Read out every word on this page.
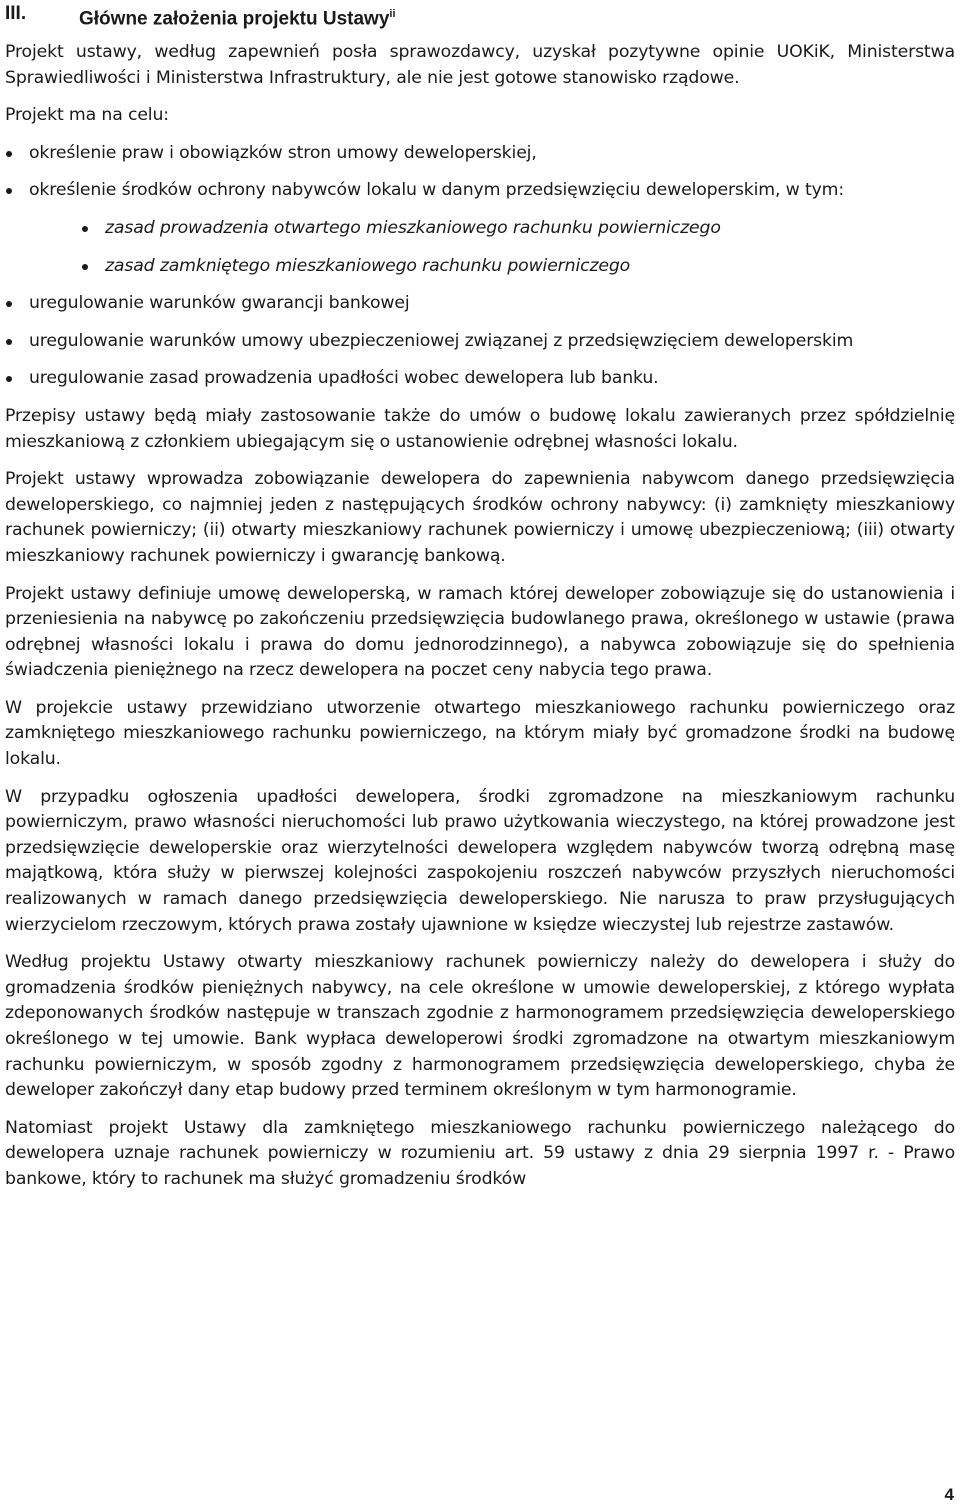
III.	Główne założenia projektu Ustawy$^{ii}$

Projekt ustawy, według zapewnień posła sprawozdawcy, uzyskał pozytywne opinie UOKiK, Ministerstwa Sprawiedliwości i Ministerstwa Infrastruktury, ale nie jest gotowe stanowisko rządowe.

Projekt ma na celu:

określenie praw i obowiązków stron umowy deweloperskiej,
określenie środków ochrony nabywców lokalu w danym przedsięwzięciu deweloperskim, w tym:
zasad prowadzenia otwartego mieszkaniowego rachunku powierniczego
zasad zamkniętego mieszkaniowego rachunku powierniczego
uregulowanie warunków gwarancji bankowej
uregulowanie warunków umowy ubezpieczeniowej związanej z przedsięwzięciem deweloperskim
uregulowanie zasad prowadzenia upadłości wobec dewelopera lub banku.

Przepisy ustawy będą miały zastosowanie także do umów o budowę lokalu zawieranych przez spółdzielnię mieszkaniową z członkiem ubiegającym się o ustanowienie odrębnej własności lokalu.

Projekt ustawy wprowadza zobowiązanie dewelopera do zapewnienia nabywcom danego przedsięwzięcia deweloperskiego, co najmniej jeden z następujących środków ochrony nabywcy: (i) zamknięty mieszkaniowy rachunek powierniczy; (ii) otwarty mieszkaniowy rachunek powierniczy i umowę ubezpieczeniową; (iii) otwarty mieszkaniowy rachunek powierniczy i gwarancję bankową.

Projekt ustawy definiuje umowę deweloperską, w ramach której deweloper zobowiązuje się do ustanowienia i przeniesienia na nabywcę po zakończeniu przedsięwzięcia budowlanego prawa, określonego w ustawie (prawa odrębnej własności lokalu i prawa do domu jednorodzinnego), a nabywca zobowiązuje się do spełnienia świadczenia pieniężnego na rzecz dewelopera na poczet ceny nabycia tego prawa.

W projekcie ustawy przewidziano utworzenie otwartego mieszkaniowego rachunku powierniczego oraz zamkniętego mieszkaniowego rachunku powierniczego, na którym miały być gromadzone środki na budowę lokalu.

W przypadku ogłoszenia upadłości dewelopera, środki zgromadzone na mieszkaniowym rachunku powierniczym, prawo własności nieruchomości lub prawo użytkowania wieczystego, na której prowadzone jest przedsięwzięcie deweloperskie oraz wierzytelności dewelopera względem nabywców tworzą odrębną masę majątkową, która służy w pierwszej kolejności zaspokojeniu roszczeń nabywców przyszłych nieruchomości realizowanych w ramach danego przedsięwzięcia deweloperskiego. Nie narusza to praw przysługujących wierzycielom rzeczowym, których prawa zostały ujawnione w księdze wieczystej lub rejestrze zastawów.

Według projektu Ustawy otwarty mieszkaniowy rachunek powierniczy należy do dewelopera i służy do gromadzenia środków pieniężnych nabywcy, na cele określone w umowie deweloperskiej, z którego wypłata zdeponowanych środków następuje w transzach zgodnie z harmonogramem przedsięwzięcia deweloperskiego określonego w tej umowie. Bank wypłaca deweloperowi środki zgromadzone na otwartym mieszkaniowym rachunku powierniczym, w sposób zgodny z harmonogramem przedsięwzięcia deweloperskiego, chyba że deweloper zakończył dany etap budowy przed terminem określonym w tym harmonogramie.

Natomiast projekt Ustawy dla zamkniętego mieszkaniowego rachunku powierniczego należącego do dewelopera uznaje rachunek powierniczy w rozumieniu art. 59 ustawy z dnia 29 sierpnia 1997 r. - Prawo bankowe, który to rachunek ma służyć gromadzeniu środków

4
